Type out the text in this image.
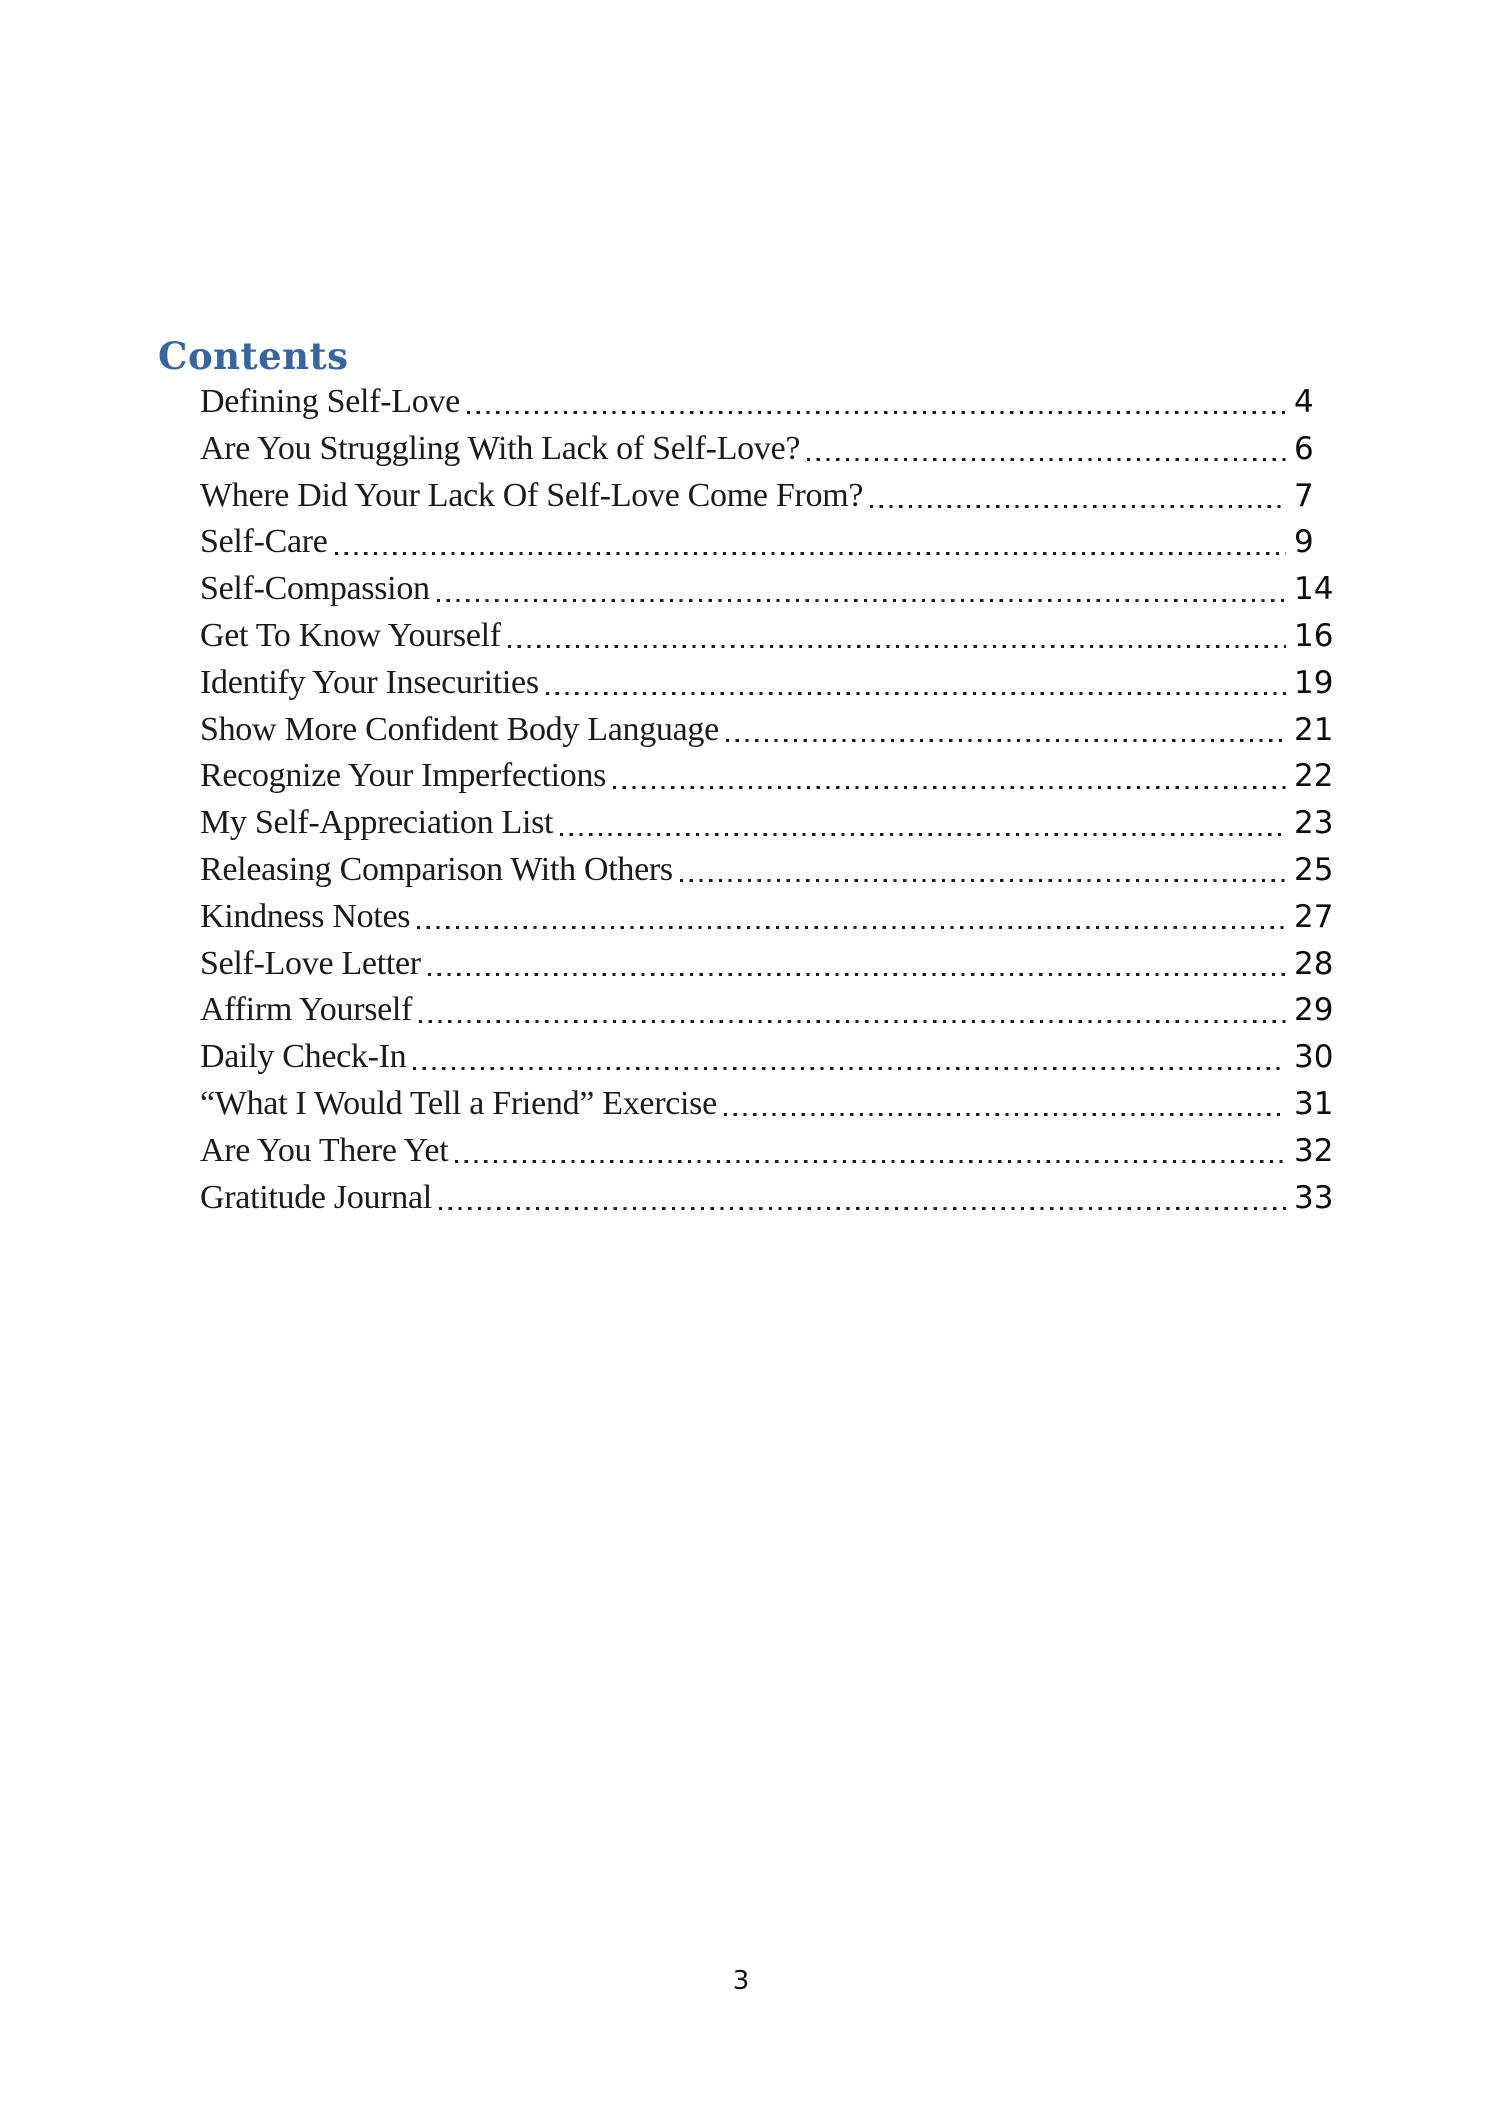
Contents
Defining Self-Love	4
Are You Struggling With Lack of Self-Love?	6
Where Did Your Lack Of Self-Love Come From?	7
Self-Care	9
Self-Compassion	14
Get To Know Yourself	16
Identify Your Insecurities	19
Show More Confident Body Language	21
Recognize Your Imperfections	22
My Self-Appreciation List	23
Releasing Comparison With Others	25
Kindness Notes	27
Self-Love Letter	28
Affirm Yourself	29
Daily Check-In	30
“What I Would Tell a Friend” Exercise	31
Are You There Yet	32
Gratitude Journal	33
3
